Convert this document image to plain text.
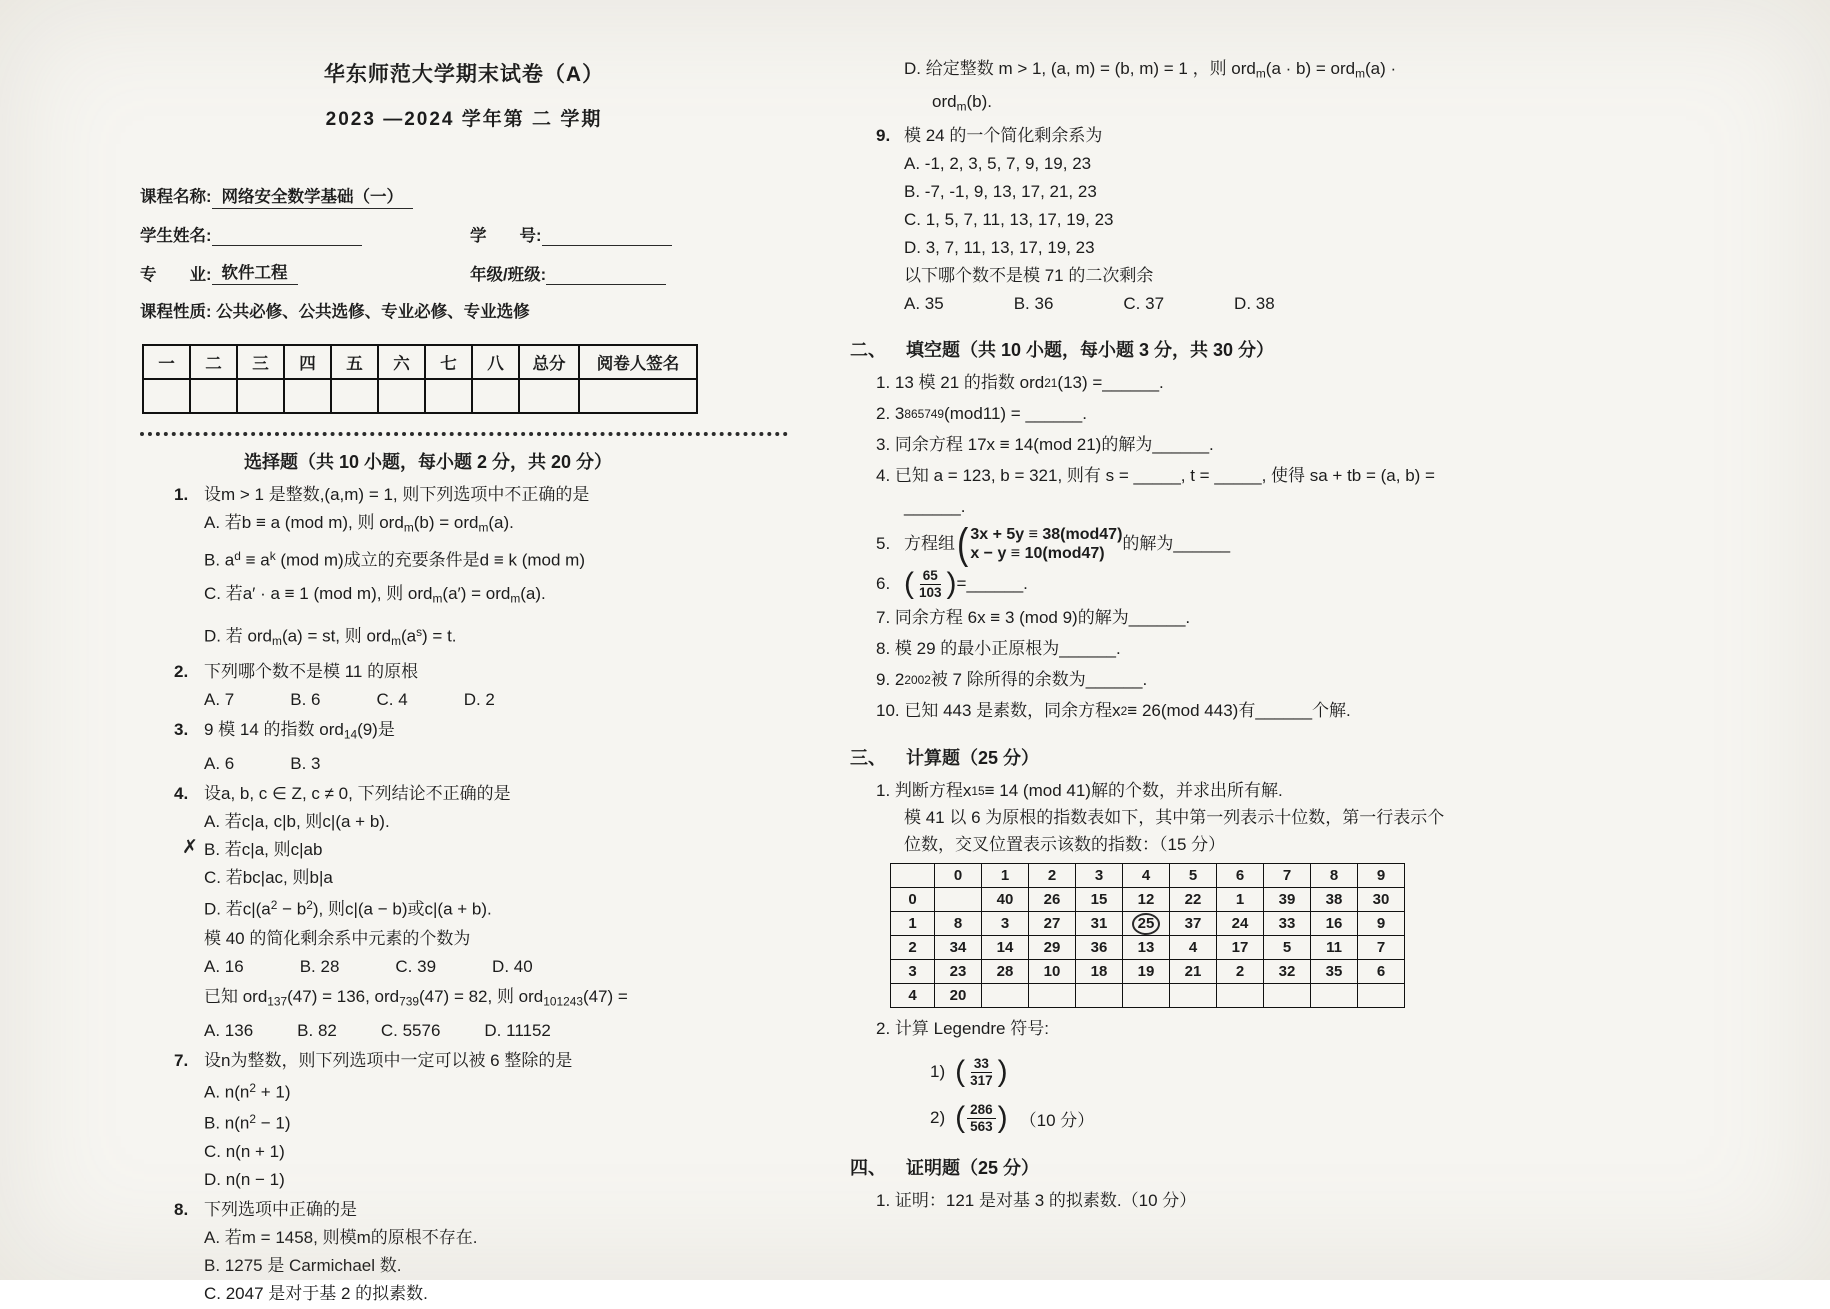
华东师范大学期末试卷（A）
2023 —2024 学年第 二 学期
课程名称: 网络安全数学基础（一）
学生姓名:	学　　号:
专　　业: 软件工程	年级/班级:
课程性质: 公共必修、公共选修、专业必修、专业选修
一	二	三	四	五	六	七	八	总分	阅卷人签名

选择题（共 10 小题，每小题 2 分，共 20 分）
1. 设m > 1 是整数,(a,m) = 1, 则下列选项中不正确的是
A. 若b ≡ a (mod m), 则 ord$_m$(b) = ord$_m$(a).
B. $a^d \equiv a^k$ (mod m)成立的充要条件是d ≡ k (mod m)
C. 若a′ · a ≡ 1 (mod m), 则 ord$_m$(a′) = ord$_m$(a).
D. 若 ord$_m$(a) = st, 则 $ord_m(a^s) = t$.
2. 下列哪个数不是模 11 的原根
A. 7	B. 6	C. 4	D. 2
3. 9 模 14 的指数 ord$_{14}$(9)是
A. 6	B. 3
4. 设a, b, c ∈ Z, c ≠ 0, 下列结论不正确的是
A. 若c|a, c|b, 则c|(a + b).
✗ B. 若c|a, 则c|ab
C. 若bc|ac, 则b|a
D. 若$c|(a^2 - b^2)$, 则c|(a − b)或c|(a + b).
模 40 的简化剩余系中元素的个数为
A. 16	B. 28	C. 39	D. 40
已知 ord$_{137}$(47) = 136, ord$_{739}$(47) = 82, 则 ord$_{101243}$(47) =
A. 136	B. 82	C. 5576	D. 11152
7. 设n为整数，则下列选项中一定可以被 6 整除的是
A. $n(n^2 + 1)$
B. $n(n^2 - 1)$
C. n(n + 1)
D. n(n − 1)
8. 下列选项中正确的是
A. 若m = 1458, 则模m的原根不存在.
B. 1275 是 Carmichael 数.
C. 2047 是对于基 2 的拟素数.
D. 给定整数 m > 1, (a, m) = (b, m) = 1 ，则 ord$_m$(a · b) = ord$_m$(a) ·
ord$_m$(b).
9. 模 24 的一个简化剩余系为
A. -1, 2, 3, 5, 7, 9, 19, 23
B. -7, -1, 9, 13, 17, 21, 23
C. 1, 5, 7, 11, 13, 17, 19, 23
D. 3, 7, 11, 13, 17, 19, 23
以下哪个数不是模 71 的二次剩余
A. 35	B. 36	C. 37	D. 38
二、	填空题（共 10 小题，每小题 3 分，共 30 分）
1. 13 模 21 的指数 ord 21 (13) =______.
2. 3 865749 (mod11) = ______.
3. 同余方程 17x ≡ 14(mod 21)的解为______.
4. 已知 a = 123, b = 321, 则有 s = _____, t = _____, 使得 sa + tb = (a, b) =
______.
5. 方程组 ( 3x + 5y ≡ 38(mod47)
x − y ≡ 10(mod47)
的解为______
6. ( $\frac{65}{103}$ ) =______.
7. 同余方程 6x ≡ 3 (mod 9)的解为______.
8. 模 29 的最小正原根为______.
9. 2 2002 被 7 除所得的余数为______.
10. 已知 443 是素数，同余方程x 2 ≡ 26(mod 443)有______个解.
三、	计算题（25 分）
1. 判断方程x 15 ≡ 14 (mod 41)解的个数，并求出所有解.
模 41 以 6 为原根的指数表如下，其中第一列表示十位数，第一行表示个
位数，交叉位置表示该数的指数：（15 分）
	0	1	2	3	4	5	6	7	8	9
0		40	26	15	12	22	1	39	38	30
1	8	3	27	31	25	37	24	33	16	9
2	34	14	29	36	13	4	17	5	11	7
3	23	28	10	18	19	21	2	32	35	6
4	20									
2. 计算 Legendre 符号:
1) ( $\frac{33}{317}$ )
2) ( $\frac{286}{563}$ ) （10 分）
四、	证明题（25 分）
1. 证明：121 是对基 3 的拟素数.（10 分）
